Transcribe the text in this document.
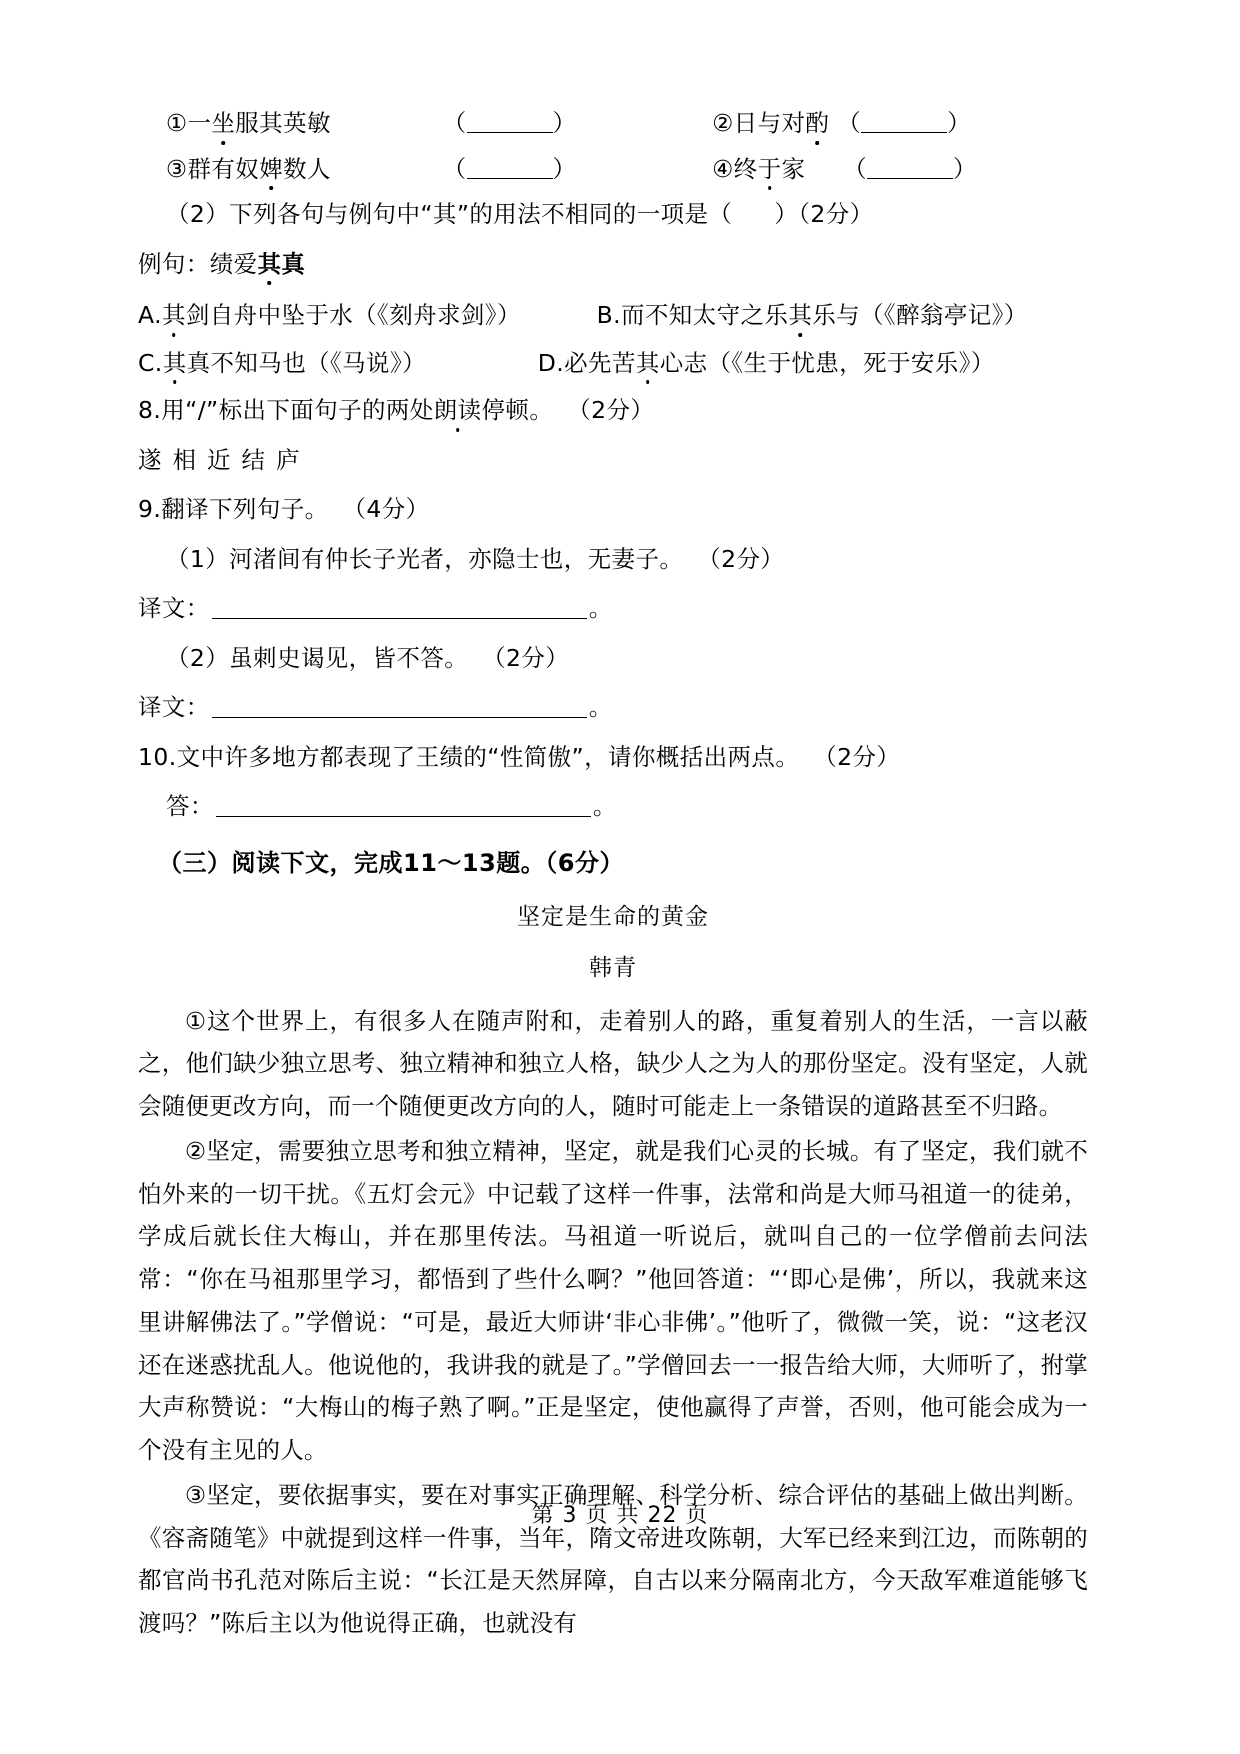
①一坐服其英敏	（	）	②日与对酌 （	）
③群有奴婢数人	（	）	④终于家 （	）
（2）下列各句与例句中“其”的用法不相同的一项是（ ）（2分）
例句：绩爱其真
A.其剑自舟中坠于水（《刻舟求剑》）	B.而不知太守之乐其乐与（《醉翁亭记》）
C.其真不知马也（《马说》）	D.必先苦其心志（《生于忧患，死于安乐》）
8.用“/”标出下面句子的两处朗读停顿。 （2分）
遂相近结庐
9.翻译下列句子。 （4分）
（1）河渚间有仲长子光者，亦隐士也，无妻子。 （2分）
译文：	。
（2）虽刺史谒见，皆不答。 （2分）
译文：	。
10.文中许多地方都表现了王绩的“性简傲”，请你概括出两点。 （2分）
答：	。
（三）阅读下文，完成11～13题。（6分）
坚定是生命的黄金
韩青
①这个世界上，有很多人在随声附和，走着别人的路，重复着别人的生活，一言以蔽之，他们缺少独立思考、独立精神和独立人格，缺少人之为人的那份坚定。没有坚定，人就会随便更改方向，而一个随便更改方向的人，随时可能走上一条错误的道路甚至不归路。
②坚定，需要独立思考和独立精神，坚定，就是我们心灵的长城。有了坚定，我们就不怕外来的一切干扰。《五灯会元》中记载了这样一件事，法常和尚是大师马祖道一的徒弟，学成后就长住大梅山，并在那里传法。马祖道一听说后，就叫自己的一位学僧前去问法常：“你在马祖那里学习，都悟到了些什么啊？”他回答道：“‘即心是佛’，所以，我就来这里讲解佛法了。”学僧说：“可是，最近大师讲‘非心非佛’。”他听了，微微一笑，说：“这老汉还在迷惑扰乱人。他说他的，我讲我的就是了。”学僧回去一一报告给大师，大师听了，拊掌大声称赞说：“大梅山的梅子熟了啊。”正是坚定，使他赢得了声誉，否则，他可能会成为一个没有主见的人。
③坚定，要依据事实，要在对事实正确理解、科学分析、综合评估的基础上做出判断。《容斋随笔》中就提到这样一件事，当年，隋文帝进攻陈朝，大军已经来到江边，而陈朝的都官尚书孔范对陈后主说：“长江是天然屏障，自古以来分隔南北方，今天敌军难道能够飞渡吗？”陈后主以为他说得正确，也就没有
第 3 页 共 22 页
